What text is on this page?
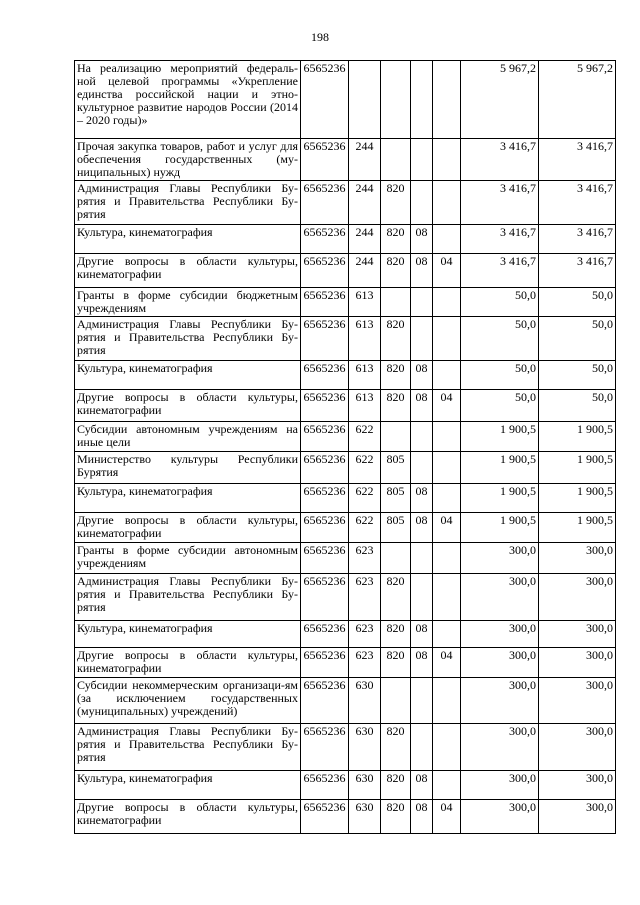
198
На реализацию мероприятий федераль-ной целевой программы «Укрепление единства российской нации и этно-культурное развитие народов России (2014 – 2020 годы)»	6565236					5 967,2	5 967,2
Прочая закупка товаров, работ и услуг для обеспечения государственных (му-ниципальных) нужд	6565236	244				3 416,7	3 416,7
Администрация Главы Республики Бу-рятия и Правительства Республики Бу-рятия	6565236	244	820			3 416,7	3 416,7
Культура, кинематография	6565236	244	820	08		3 416,7	3 416,7
Другие вопросы в области культуры, кинематографии	6565236	244	820	08	04	3 416,7	3 416,7
Гранты в форме субсидии бюджетным учреждениям	6565236	613				50,0	50,0
Администрация Главы Республики Бу-рятия и Правительства Республики Бу-рятия	6565236	613	820			50,0	50,0
Культура, кинематография	6565236	613	820	08		50,0	50,0
Другие вопросы в области культуры, кинематографии	6565236	613	820	08	04	50,0	50,0
Субсидии автономным учреждениям на иные цели	6565236	622				1 900,5	1 900,5
Министерство культуры Республики Бурятия	6565236	622	805			1 900,5	1 900,5
Культура, кинематография	6565236	622	805	08		1 900,5	1 900,5
Другие вопросы в области культуры, кинематографии	6565236	622	805	08	04	1 900,5	1 900,5
Гранты в форме субсидии автономным учреждениям	6565236	623				300,0	300,0
Администрация Главы Республики Бу-рятия и Правительства Республики Бу-рятия	6565236	623	820			300,0	300,0
Культура, кинематография	6565236	623	820	08		300,0	300,0
Другие вопросы в области культуры, кинематографии	6565236	623	820	08	04	300,0	300,0
Субсидии некоммерческим организаци-ям (за исключением государственных (муниципальных) учреждений)	6565236	630				300,0	300,0
Администрация Главы Республики Бу-рятия и Правительства Республики Бу-рятия	6565236	630	820			300,0	300,0
Культура, кинематография	6565236	630	820	08		300,0	300,0
Другие вопросы в области культуры, кинематографии	6565236	630	820	08	04	300,0	300,0
